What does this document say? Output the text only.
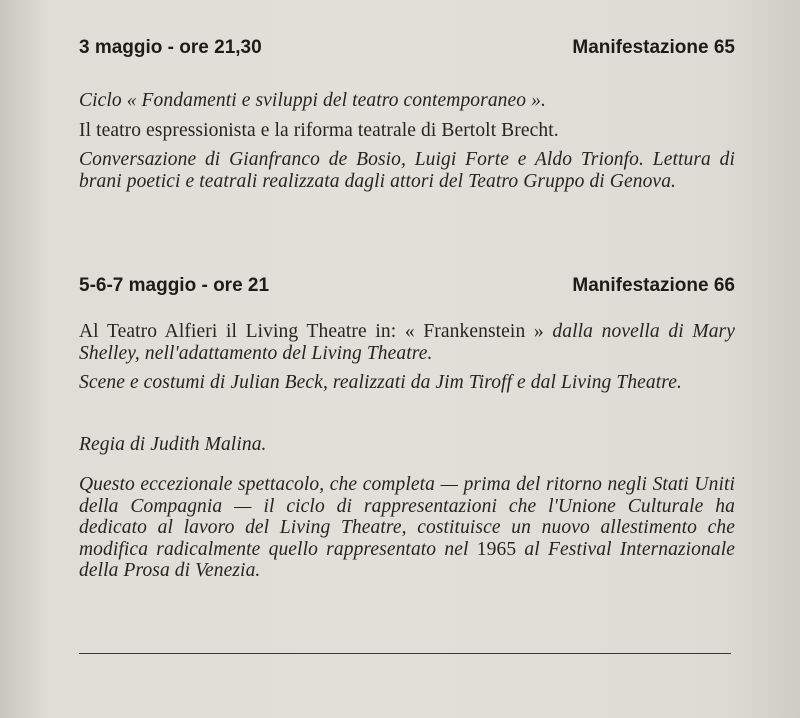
3 maggio - ore 21,30	Manifestazione 65
Ciclo « Fondamenti e sviluppi del teatro contemporaneo ».
Il teatro espressionista e la riforma teatrale di Bertolt Brecht.
Conversazione di Gianfranco de Bosio, Luigi Forte e Aldo Trionfo. Lettura di brani poetici e teatrali realizzata dagli attori del Teatro Gruppo di Genova.
5-6-7 maggio - ore 21	Manifestazione 66
Al Teatro Alfieri il Living Theatre in: « Frankenstein » dalla novella di Mary Shelley, nell'adattamento del Living Theatre.
Scene e costumi di Julian Beck, realizzati da Jim Tiroff e dal Living Theatre.
Regia di Judith Malina.
Questo eccezionale spettacolo, che completa — prima del ritorno negli Stati Uniti della Compagnia — il ciclo di rappresentazioni che l'Unione Culturale ha dedicato al lavoro del Living Theatre, costituisce un nuovo allestimento che modifica radicalmente quello rappresentato nel 1965 al Festival Internazionale della Prosa di Venezia.
